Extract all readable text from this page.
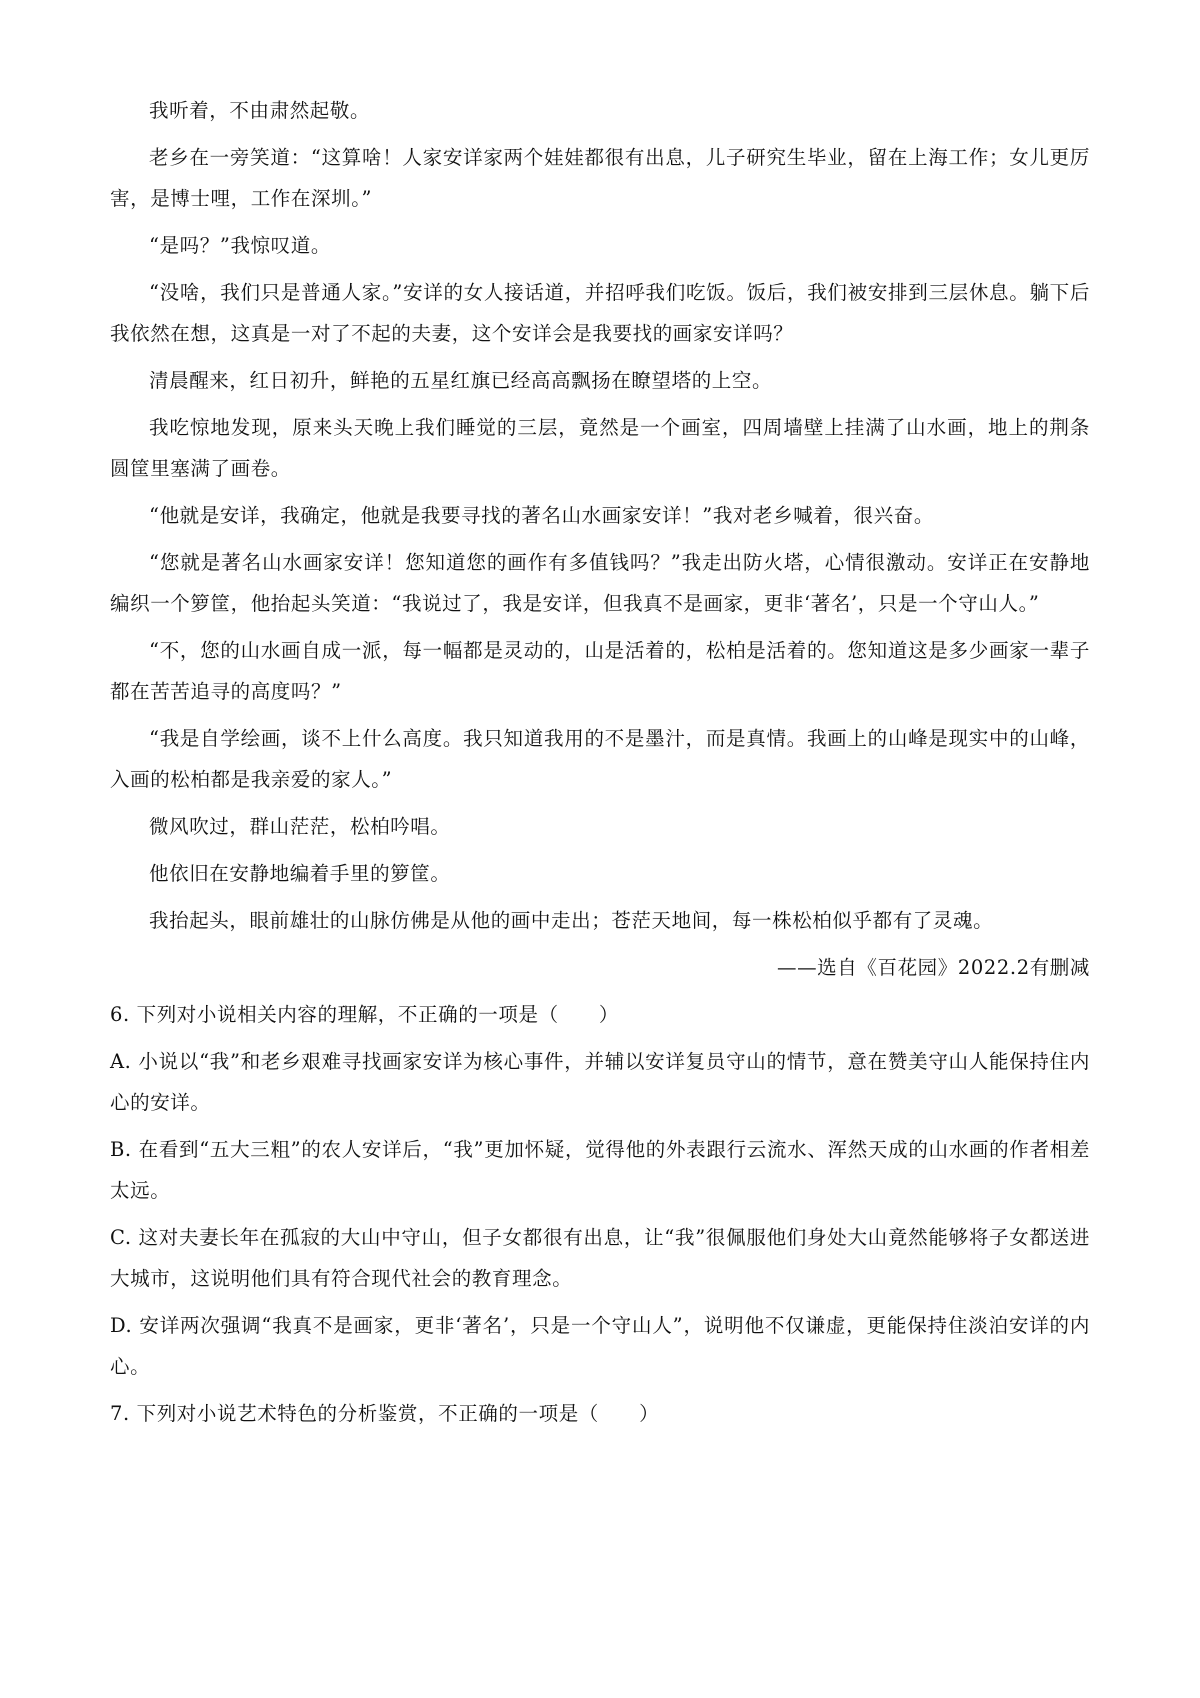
我听着，不由肃然起敬。

老乡在一旁笑道：“这算啥！人家安详家两个娃娃都很有出息，儿子研究生毕业，留在上海工作；女儿更厉害，是博士哩，工作在深圳。”

“是吗？”我惊叹道。

“没啥，我们只是普通人家。”安详的女人接话道，并招呼我们吃饭。饭后，我们被安排到三层休息。躺下后我依然在想，这真是一对了不起的夫妻，这个安详会是我要找的画家安详吗？

清晨醒来，红日初升，鲜艳的五星红旗已经高高飘扬在瞭望塔的上空。

我吃惊地发现，原来头天晚上我们睡觉的三层，竟然是一个画室，四周墙壁上挂满了山水画，地上的荆条圆筐里塞满了画卷。

“他就是安详，我确定，他就是我要寻找的著名山水画家安详！”我对老乡喊着，很兴奋。

“您就是著名山水画家安详！您知道您的画作有多值钱吗？”我走出防火塔，心情很激动。安详正在安静地编织一个箩筐，他抬起头笑道：“我说过了，我是安详，但我真不是画家，更非‘著名’，只是一个守山人。”

“不，您的山水画自成一派，每一幅都是灵动的，山是活着的，松柏是活着的。您知道这是多少画家一辈子都在苦苦追寻的高度吗？”

“我是自学绘画，谈不上什么高度。我只知道我用的不是墨汁，而是真情。我画上的山峰是现实中的山峰，入画的松柏都是我亲爱的家人。”

微风吹过，群山茫茫，松柏吟唱。

他依旧在安静地编着手里的箩筐。

我抬起头，眼前雄壮的山脉仿佛是从他的画中走出；苍茫天地间，每一株松柏似乎都有了灵魂。

——选自《百花园》2022.2有删减

6. 下列对小说相关内容的理解，不正确的一项是（　　）

A. 小说以“我”和老乡艰难寻找画家安详为核心事件，并辅以安详复员守山的情节，意在赞美守山人能保持住内心的安详。

B. 在看到“五大三粗”的农人安详后，“我”更加怀疑，觉得他的外表跟行云流水、浑然天成的山水画的作者相差太远。

C. 这对夫妻长年在孤寂的大山中守山，但子女都很有出息，让“我”很佩服他们身处大山竟然能够将子女都送进大城市，这说明他们具有符合现代社会的教育理念。

D. 安详两次强调“我真不是画家，更非‘著名’，只是一个守山人”，说明他不仅谦虚，更能保持住淡泊安详的内心。

7. 下列对小说艺术特色的分析鉴赏，不正确的一项是（　　）
